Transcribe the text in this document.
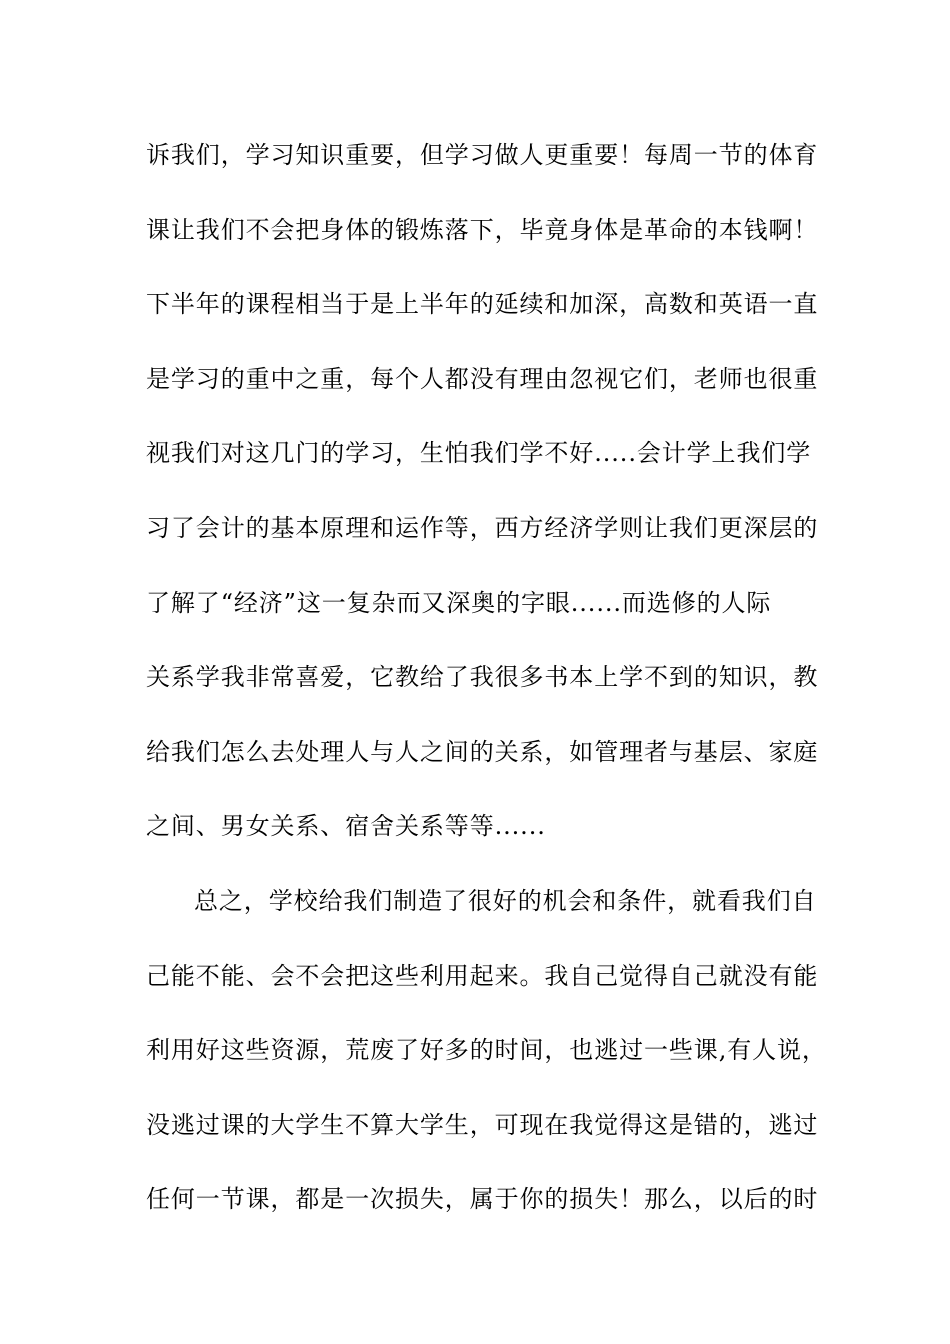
诉我们，学习知识重要，但学习做人更重要！每周一节的体育
课让我们不会把身体的锻炼落下，毕竟身体是革命的本钱啊！
下半年的课程相当于是上半年的延续和加深，高数和英语一直
是学习的重中之重，每个人都没有理由忽视它们，老师也很重
视我们对这几门的学习，生怕我们学不好.....会计学上我们学
习了会计的基本原理和运作等，西方经济学则让我们更深层的
了解了“经济”这一复杂而又深奥的字眼......而选修的人际
关系学我非常喜爱，它教给了我很多书本上学不到的知识，教
给我们怎么去处理人与人之间的关系，如管理者与基层、家庭
之间、男女关系、宿舍关系等等......
总之，学校给我们制造了很好的机会和条件，就看我们自
己能不能、会不会把这些利用起来。我自己觉得自己就没有能
利用好这些资源，荒废了好多的时间，也逃过一些课,有人说，
没逃过课的大学生不算大学生，可现在我觉得这是错的，逃过
任何一节课，都是一次损失，属于你的损失！那么，以后的时
